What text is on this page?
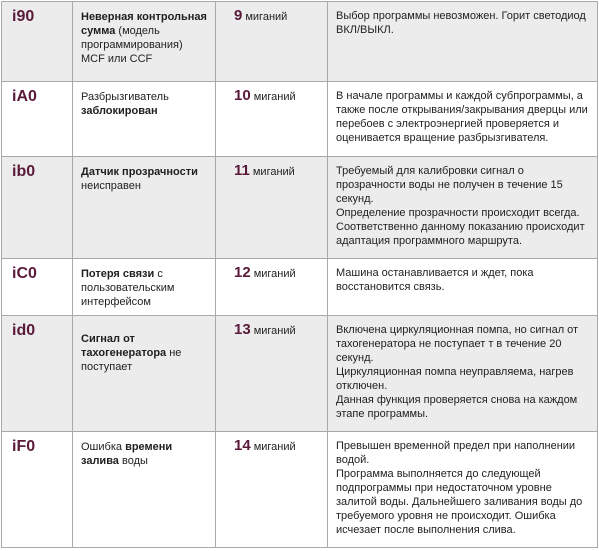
i90	Неверная контрольная сумма (модель программирования) MCF или CCF	9 миганий	Выбор программы невозможен. Горит светодиод ВКЛ/ВЫКЛ.

iA0	Разбрызгиватель заблокирован	10 миганий	В начале программы и каждой субпрограммы, а также после открывания/закрывания дверцы или перебоев с электроэнергией проверяется и оценивается вращение разбрызгивателя.

ib0	Датчик прозрачности неисправен	11 миганий	Требуемый для калибровки сигнал о прозрачности воды не получен в течение 15 секунд.

Определение прозрачности происходит всегда. Соответственно данному показанию происходит адаптация программного маршрута.

iC0	Потеря связи с пользовательским интерфейсом	12 миганий	Машина останавливается и ждет, пока восстановится связь.

id0	Сигнал от тахогенератора не поступает	13 миганий	Включена циркуляционная помпа, но сигнал от тахогенератора не поступает т в течение 20 секунд.

Циркуляционная помпа неуправляема, нагрев отключен.

Данная функция проверяется снова на каждом этапе программы.

iF0	Ошибка времени залива воды	14 миганий	Превышен временной предел при наполнении водой.

Программа выполняется до следующей подпрограммы при недостаточном уровне залитой воды. Дальнейшего заливания воды до требуемого уровня не происходит. Ошибка исчезает после выполнения слива.
